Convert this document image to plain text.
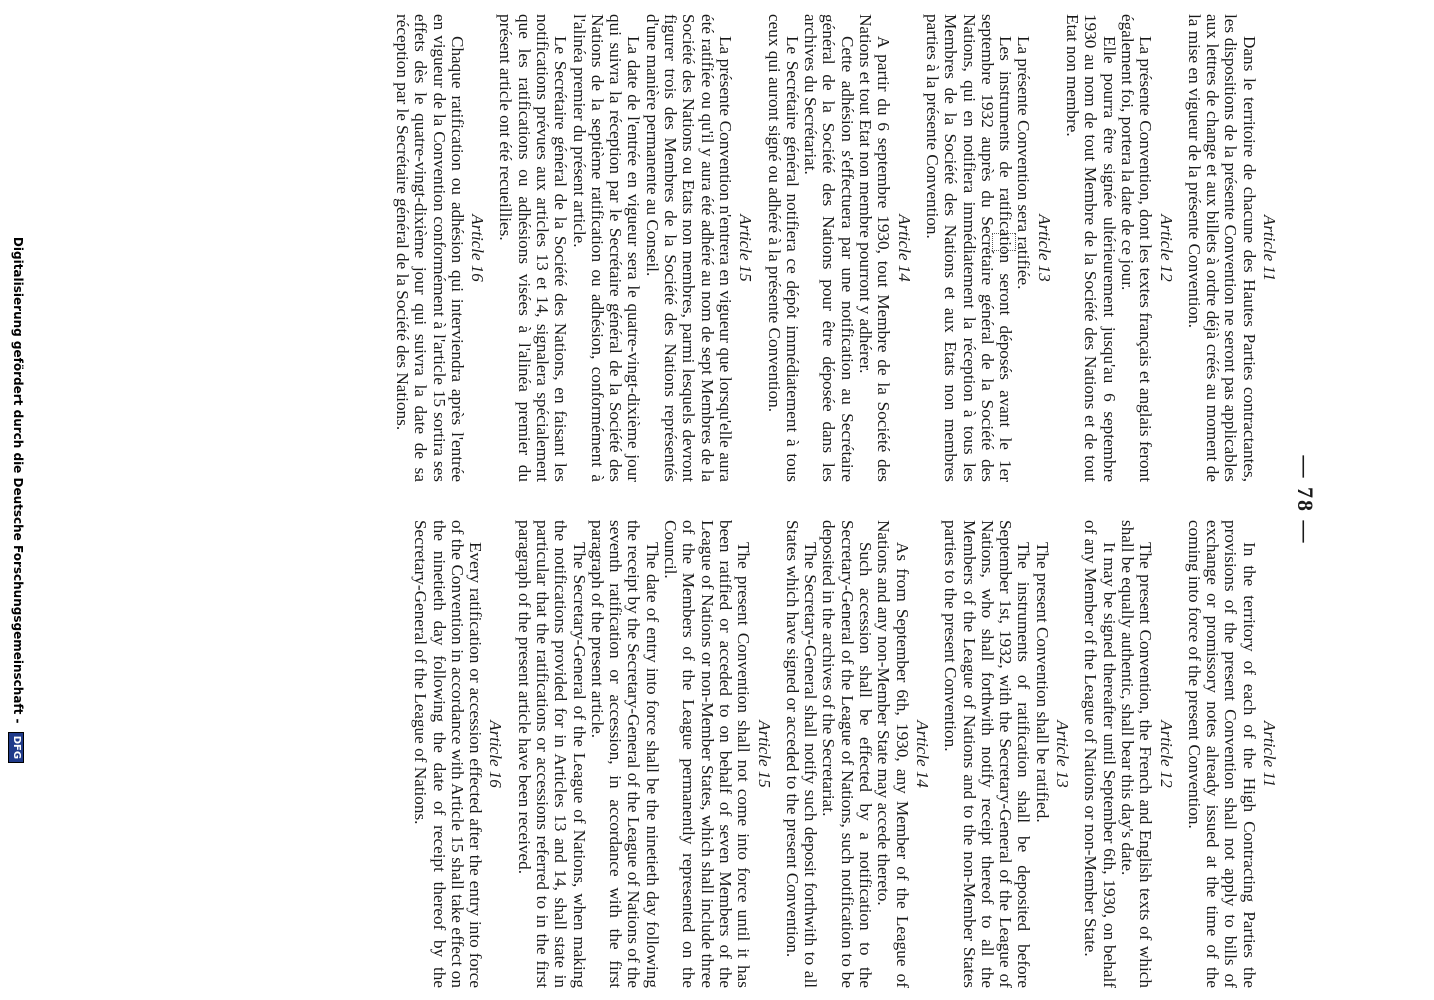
— 78 —
Article 11

Dans le territoire de chacune des Hautes Parties contractantes, les dispositions de la présente Convention ne seront pas applicables aux lettres de change et aux billets à ordre déjà créés au moment de la mise en vigueur de la présente Convention.

Article 12

La présente Convention, dont les textes français et anglais feront également foi, portera la date de ce jour.

Elle pourra être signée ultérieurement jusqu'au 6 septembre 1930 au nom de tout Membre de la Société des Nations et de tout Etat non membre.

Article 13

La présente Convention sera ratifiée.

Les instruments de ratification seront déposés avant le 1er septembre 1932 auprès du Secrétaire général de la Société des Nations, qui en notifiera immédiatement la réception à tous les Membres de la Société des Nations et aux Etats non membres parties à la présente Convention.

Article 14

A partir du 6 septembre 1930, tout Membre de la Société des Nations et tout Etat non membre pourront y adhérer.

Cette adhésion s'effectuera par une notification au Secrétaire général de la Société des Nations pour être déposée dans les archives du Secrétariat.

Le Secrétaire général notifiera ce dépôt immédiatement à tous ceux qui auront signé ou adhéré à la présente Convention.

Article 15

La présente Convention n'entrera en vigueur que lorsqu'elle aura été ratifiée ou qu'il y aura été adhéré au nom de sept Membres de la Société des Nations ou Etats non membres, parmi lesquels devront figurer trois des Membres de la Société des Nations représentés d'une manière permanente au Conseil.

La date de l'entrée en vigueur sera le quatre-vingt-dixième jour qui suivra la réception par le Secrétaire général de la Société des Nations de la septième ratification ou adhésion, conformément à l'alinéa premier du présent article.

Le Secrétaire général de la Société des Nations, en faisant les notifications prévues aux articles 13 et 14, signalera spécialement que les ratifications ou adhésions visées à l'alinéa premier du présent article ont été recueillies.

Article 16

Chaque ratification ou adhésion qui interviendra après l'entrée en vigueur de la Convention conformément à l'article 15 sortira ses effets dès le quatre-vingt-dixième jour qui suivra la date de sa réception par le Secrétaire général de la Société des Nations.

Article 11

In the territory of each of the High Contracting Parties the provisions of the present Convention shall not apply to bills of exchange or promissory notes already issued at the time of the coming into force of the present Convention.

Article 12

The present Convention, the French and English texts of which shall be equally authentic, shall bear this day's date.

It may be signed thereafter until September 6th, 1930, on behalf of any Member of the League of Nations or non-Member State.

Article 13

The present Convention shall be ratified.

The instruments of ratification shall be deposited before September 1st, 1932, with the Secretary-General of the League of Nations, who shall forthwith notify receipt thereof to all the Members of the League of Nations and to the non-Member States parties to the present Convention.

Article 14

As from September 6th, 1930, any Member of the League of Nations and any non-Member State may accede thereto.

Such accession shall be effected by a notification to the Secretary-General of the League of Nations, such notification to be deposited in the archives of the Secretariat.

The Secretary-General shall notify such deposit forthwith to all States which have signed or acceded to the present Convention.

Article 15

The present Convention shall not come into force until it has been ratified or acceded to on behalf of seven Members of the League of Nations or non-Member States, which shall include three of the Members of the League permanently represented on the Council.

The date of entry into force shall be the ninetieth day following the receipt by the Secretary-General of the League of Nations of the seventh ratification or accession, in accordance with the first paragraph of the present article.

The Secretary-General of the League of Nations, when making the notifications provided for in Articles 13 and 14, shall state in particular that the ratifications or accessions referred to in the first paragraph of the present article have been received.

Article 16

Every ratification or accession effected after the entry into force of the Convention in accordance with Article 15 shall take effect on the ninetieth day following the date of receipt thereof by the Secretary-General of the League of Nations.

Digitalisierung gefördert durch die Deutsche Forschungsgemeinschaft - DFG
